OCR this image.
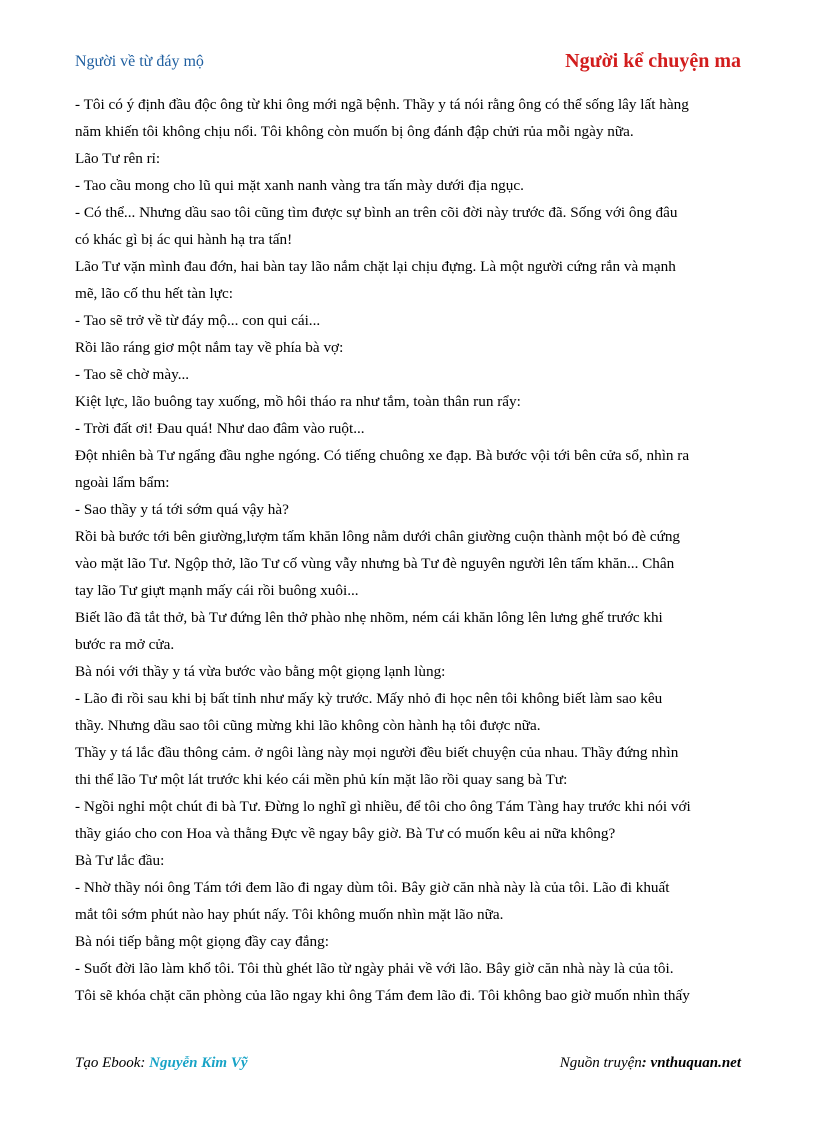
Người về từ đáy mộ	Người kể chuyện ma

- Tôi có ý định đầu độc ông từ khi ông mới ngã bệnh. Thầy y tá nói rằng ông có thể sống lây lất hàng
năm khiến tôi không chịu nổi. Tôi không còn muốn bị ông đánh đập chửi rủa mỗi ngày nữa.

Lão Tư rên rỉ:

- Tao cầu mong cho lũ qui mặt xanh nanh vàng tra tấn mày dưới địa ngục.

- Có thể... Nhưng dầu sao tôi cũng tìm được sự bình an trên cõi đời này trước đã. Sống với ông đâu
có khác gì bị ác qui hành hạ tra tấn!

Lão Tư vặn mình đau đớn, hai bàn tay lão nắm chặt lại chịu đựng. Là một người cứng rắn và mạnh
mẽ, lão cố thu hết tàn lực:

- Tao sẽ trở về từ đáy mộ... con qui cái...

Rồi lão ráng giơ một nắm tay về phía bà vợ:

- Tao sẽ chờ mày...

Kiệt lực, lão buông tay xuống, mồ hôi tháo ra như tắm, toàn thân run rẩy:

- Trời đất ơi! Đau quá! Như dao đâm vào ruột...

Đột nhiên bà Tư ngẩng đầu nghe ngóng. Có tiếng chuông xe đạp. Bà bước vội tới bên cửa sổ, nhìn ra
ngoài lẩm bẩm:

- Sao thầy y tá tới sớm quá vậy hà?

Rồi bà bước tới bên giường,lượm tấm khăn lông nằm dưới chân giường cuộn thành một bó đè cứng
vào mặt lão Tư. Ngộp thở, lão Tư cố vùng vẫy nhưng bà Tư đè nguyên người lên tấm khăn... Chân
tay lão Tư giựt mạnh mấy cái rồi buông xuôi...

Biết lão đã tắt thở, bà Tư đứng lên thở phào nhẹ nhõm, ném cái khăn lông lên lưng ghế trước khi
bước ra mở cửa.

Bà nói với thầy y tá vừa bước vào bằng một giọng lạnh lùng:

- Lão đi rồi sau khi bị bất tỉnh như mấy kỳ trước. Mấy nhỏ đi học nên tôi không biết làm sao kêu
thầy. Nhưng dầu sao tôi cũng mừng khi lão không còn hành hạ tôi được nữa.

Thầy y tá lắc đầu thông cảm. ở ngôi làng này mọi người đều biết chuyện của nhau. Thầy đứng nhìn
thi thể lão Tư một lát trước khi kéo cái mền phủ kín mặt lão rồi quay sang bà Tư:

- Ngồi nghỉ một chút đi bà Tư. Đừng lo nghĩ gì nhiều, để tôi cho ông Tám Tàng hay trước khi nói với
thầy giáo cho con Hoa và thằng Đực về ngay bây giờ. Bà Tư có muốn kêu ai nữa không?

Bà Tư lắc đầu:

- Nhờ thầy nói ông Tám tới đem lão đi ngay dùm tôi. Bây giờ căn nhà này là của tôi. Lão đi khuất
mắt tôi sớm phút nào hay phút nấy. Tôi không muốn nhìn mặt lão nữa.

Bà nói tiếp bằng một giọng đầy cay đắng:

- Suốt đời lão làm khổ tôi. Tôi thù ghét lão từ ngày phải về với lão. Bây giờ căn nhà này là của tôi.
Tôi sẽ khóa chặt căn phòng của lão ngay khi ông Tám đem lão đi. Tôi không bao giờ muốn nhìn thấy

Tạo Ebook: Nguyễn Kim Vỹ	Nguồn truyện: vnthuquan.net
